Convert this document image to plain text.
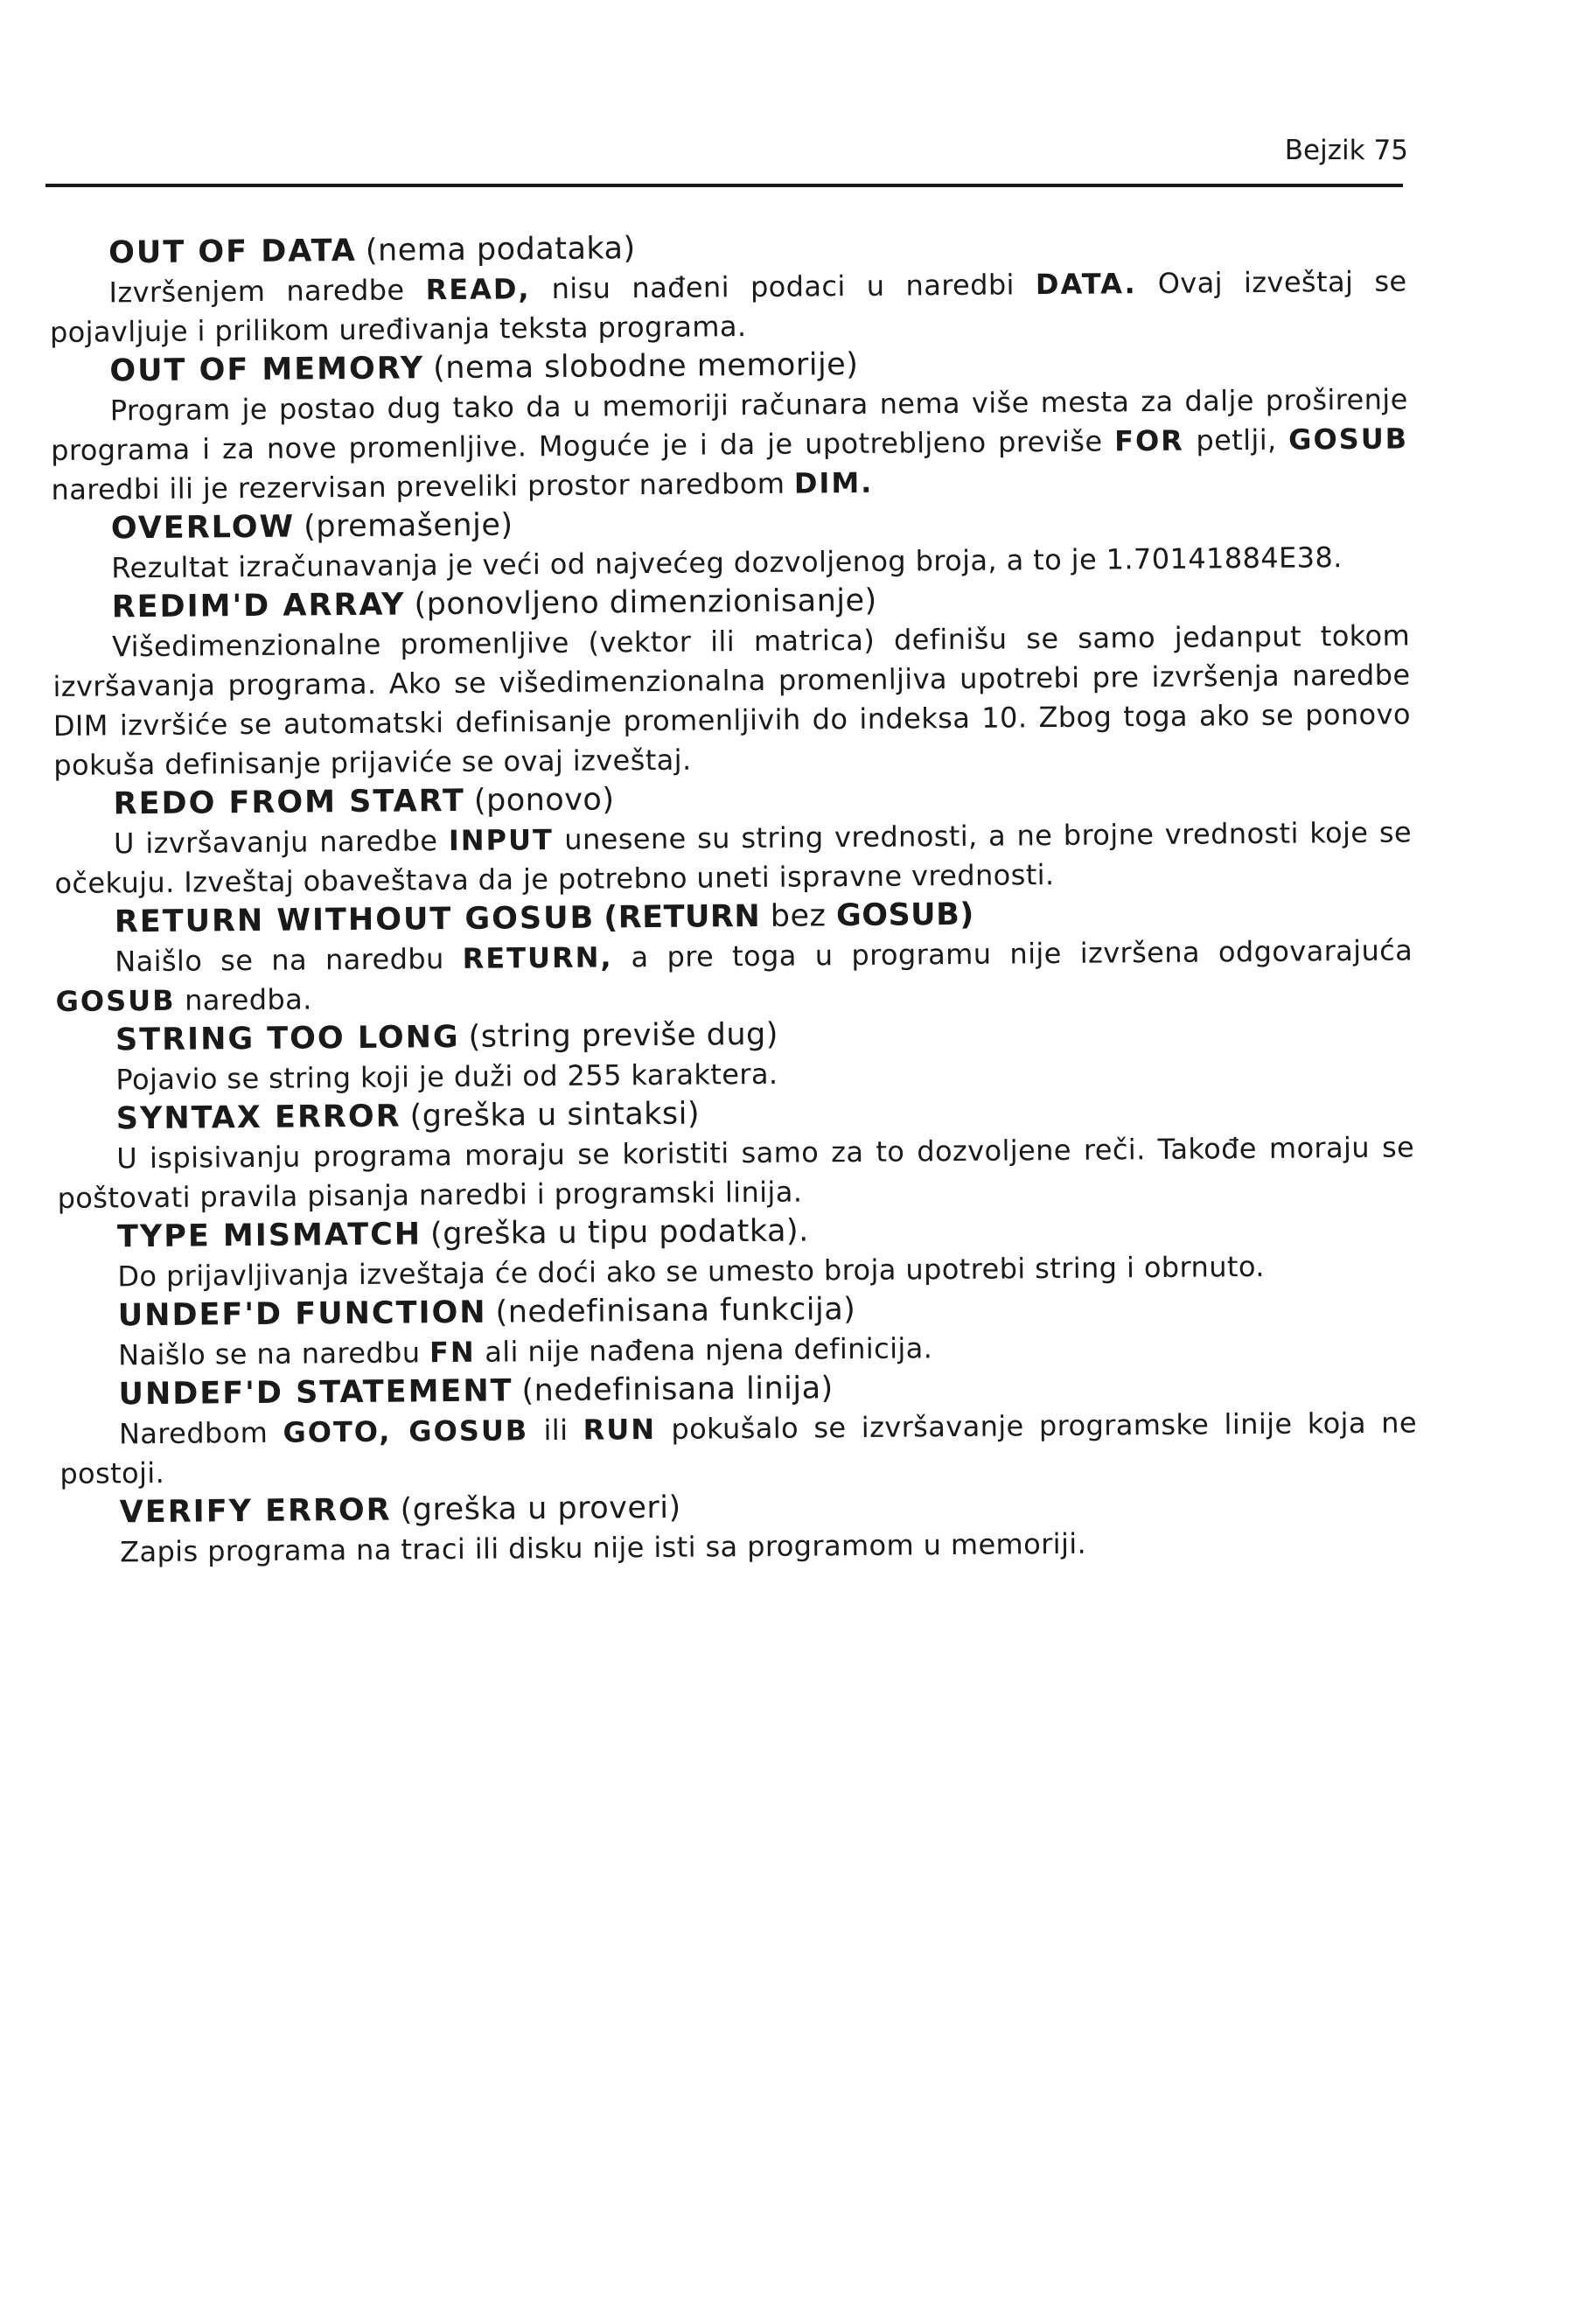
Bejzik 75
OUT OF DATA (nema podataka)

Izvršenjem naredbe READ, nisu nađeni podaci u naredbi DATA. Ovaj izveštaj se pojavljuje i prilikom uređivanja teksta programa.

OUT OF MEMORY (nema slobodne memorije)

Program je postao dug tako da u memoriji računara nema više mesta za dalje proširenje programa i za nove promenljive. Moguće je i da je upotrebljeno previše FOR petlji, GOSUB naredbi ili je rezervisan preveliki prostor naredbom DIM.

OVERLOW (premašenje)

Rezultat izračunavanja je veći od najvećeg dozvoljenog broja, a to je 1.70141884E38.

REDIM'D ARRAY (ponovljeno dimenzionisanje)

Višedimenzionalne promenljive (vektor ili matrica) definišu se samo jedanput tokom izvršavanja programa. Ako se višedimenzionalna promenljiva upotrebi pre izvršenja naredbe DIM izvršiće se automatski definisanje promenljivih do indeksa 10. Zbog toga ako se ponovo pokuša definisanje prijaviće se ovaj izveštaj.

REDO FROM START (ponovo)

U izvršavanju naredbe INPUT unesene su string vrednosti, a ne brojne vrednosti koje se očekuju. Izveštaj obaveštava da je potrebno uneti ispravne vrednosti.

RETURN WITHOUT GOSUB (RETURN bez GOSUB)

Naišlo se na naredbu RETURN, a pre toga u programu nije izvršena odgovarajuća GOSUB naredba.

STRING TOO LONG (string previše dug)

Pojavio se string koji je duži od 255 karaktera.

SYNTAX ERROR (greška u sintaksi)

U ispisivanju programa moraju se koristiti samo za to dozvoljene reči. Takođe moraju se poštovati pravila pisanja naredbi i programski linija.

TYPE MISMATCH (greška u tipu podatka).

Do prijavljivanja izveštaja će doći ako se umesto broja upotrebi string i obrnuto.

UNDEF'D FUNCTION (nedefinisana funkcija)

Naišlo se na naredbu FN ali nije nađena njena definicija.

UNDEF'D STATEMENT (nedefinisana linija)

Naredbom GOTO, GOSUB ili RUN pokušalo se izvršavanje programske linije koja ne postoji.

VERIFY ERROR (greška u proveri)

Zapis programa na traci ili disku nije isti sa programom u memoriji.
